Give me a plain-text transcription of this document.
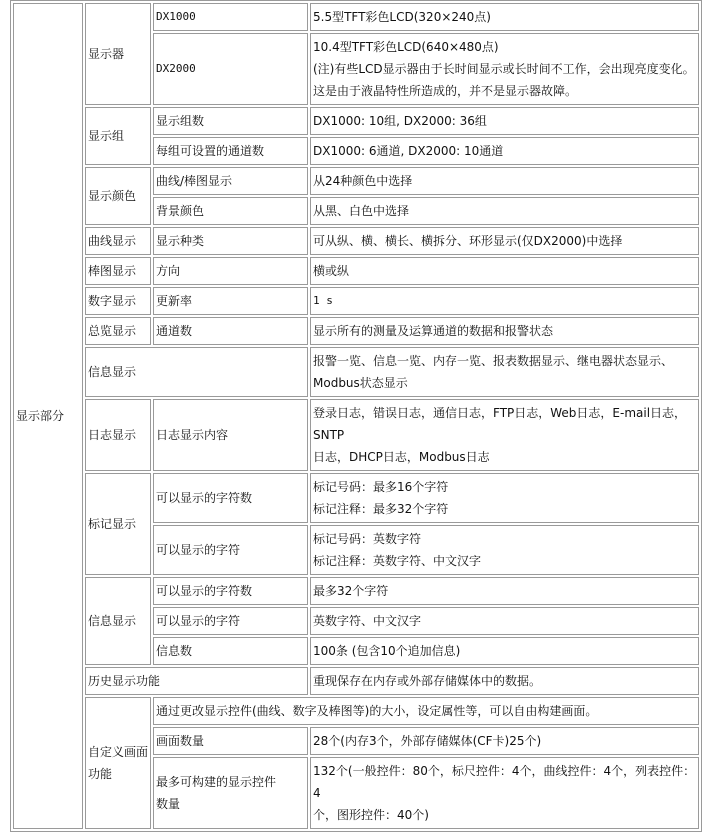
显示部分	显示器	DX1000	5.5型TFT彩色LCD(320×240点)
		DX2000	10.4型TFT彩色LCD(640×480点)
(注)有些LCD显示器由于长时间显示或长时间不工作，会出现亮度变化。
这是由于液晶特性所造成的，并不是显示器故障。

	显示组	显示组数	DX1000: 10组, DX2000: 36组
		每组可设置的通道数	DX1000: 6通道, DX2000: 10通道
	显示颜色	曲线/棒图显示	从24种颜色中选择
		背景颜色	从黑、白色中选择
	曲线显示	显示种类	可从纵、横、横长、横拆分、环形显示(仅DX2000)中选择
	棒图显示	方向	横或纵
	数字显示	更新率	1 s
	总览显示	通道数	显示所有的测量及运算通道的数据和报警状态
	信息显示		报警一览、信息一览、内存一览、报表数据显示、继电器状态显示、
Modbus状态显示

	日志显示	日志显示内容	登录日志，错误日志，通信日志，FTP日志，Web日志，E-mail日志，SNTP
日志，DHCP日志，Modbus日志

	标记显示	可以显示的字符数	标记号码：最多16个字符
标记注释：最多32个字符

		可以显示的字符	标记号码：英数字符
标记注释：英数字符、中文汉字

	信息显示	可以显示的字符数	最多32个字符
		可以显示的字符	英数字符、中文汉字
		信息数	100条 (包含10个追加信息)
	历史显示功能		重现保存在内存或外部存储媒体中的数据。

	自定义画面
功能	通过更改显示控件(曲线、数字及棒图等)的大小，设定属性等，可以自由构建画面。	
		画面数量	28个(内存3个，外部存储媒体(CF卡)25个)

		最多可构建的显示控件
数量	132个(一般控件：80个，标尺控件：4个，曲线控件：4个，列表控件：4
个，图形控件：40个)
